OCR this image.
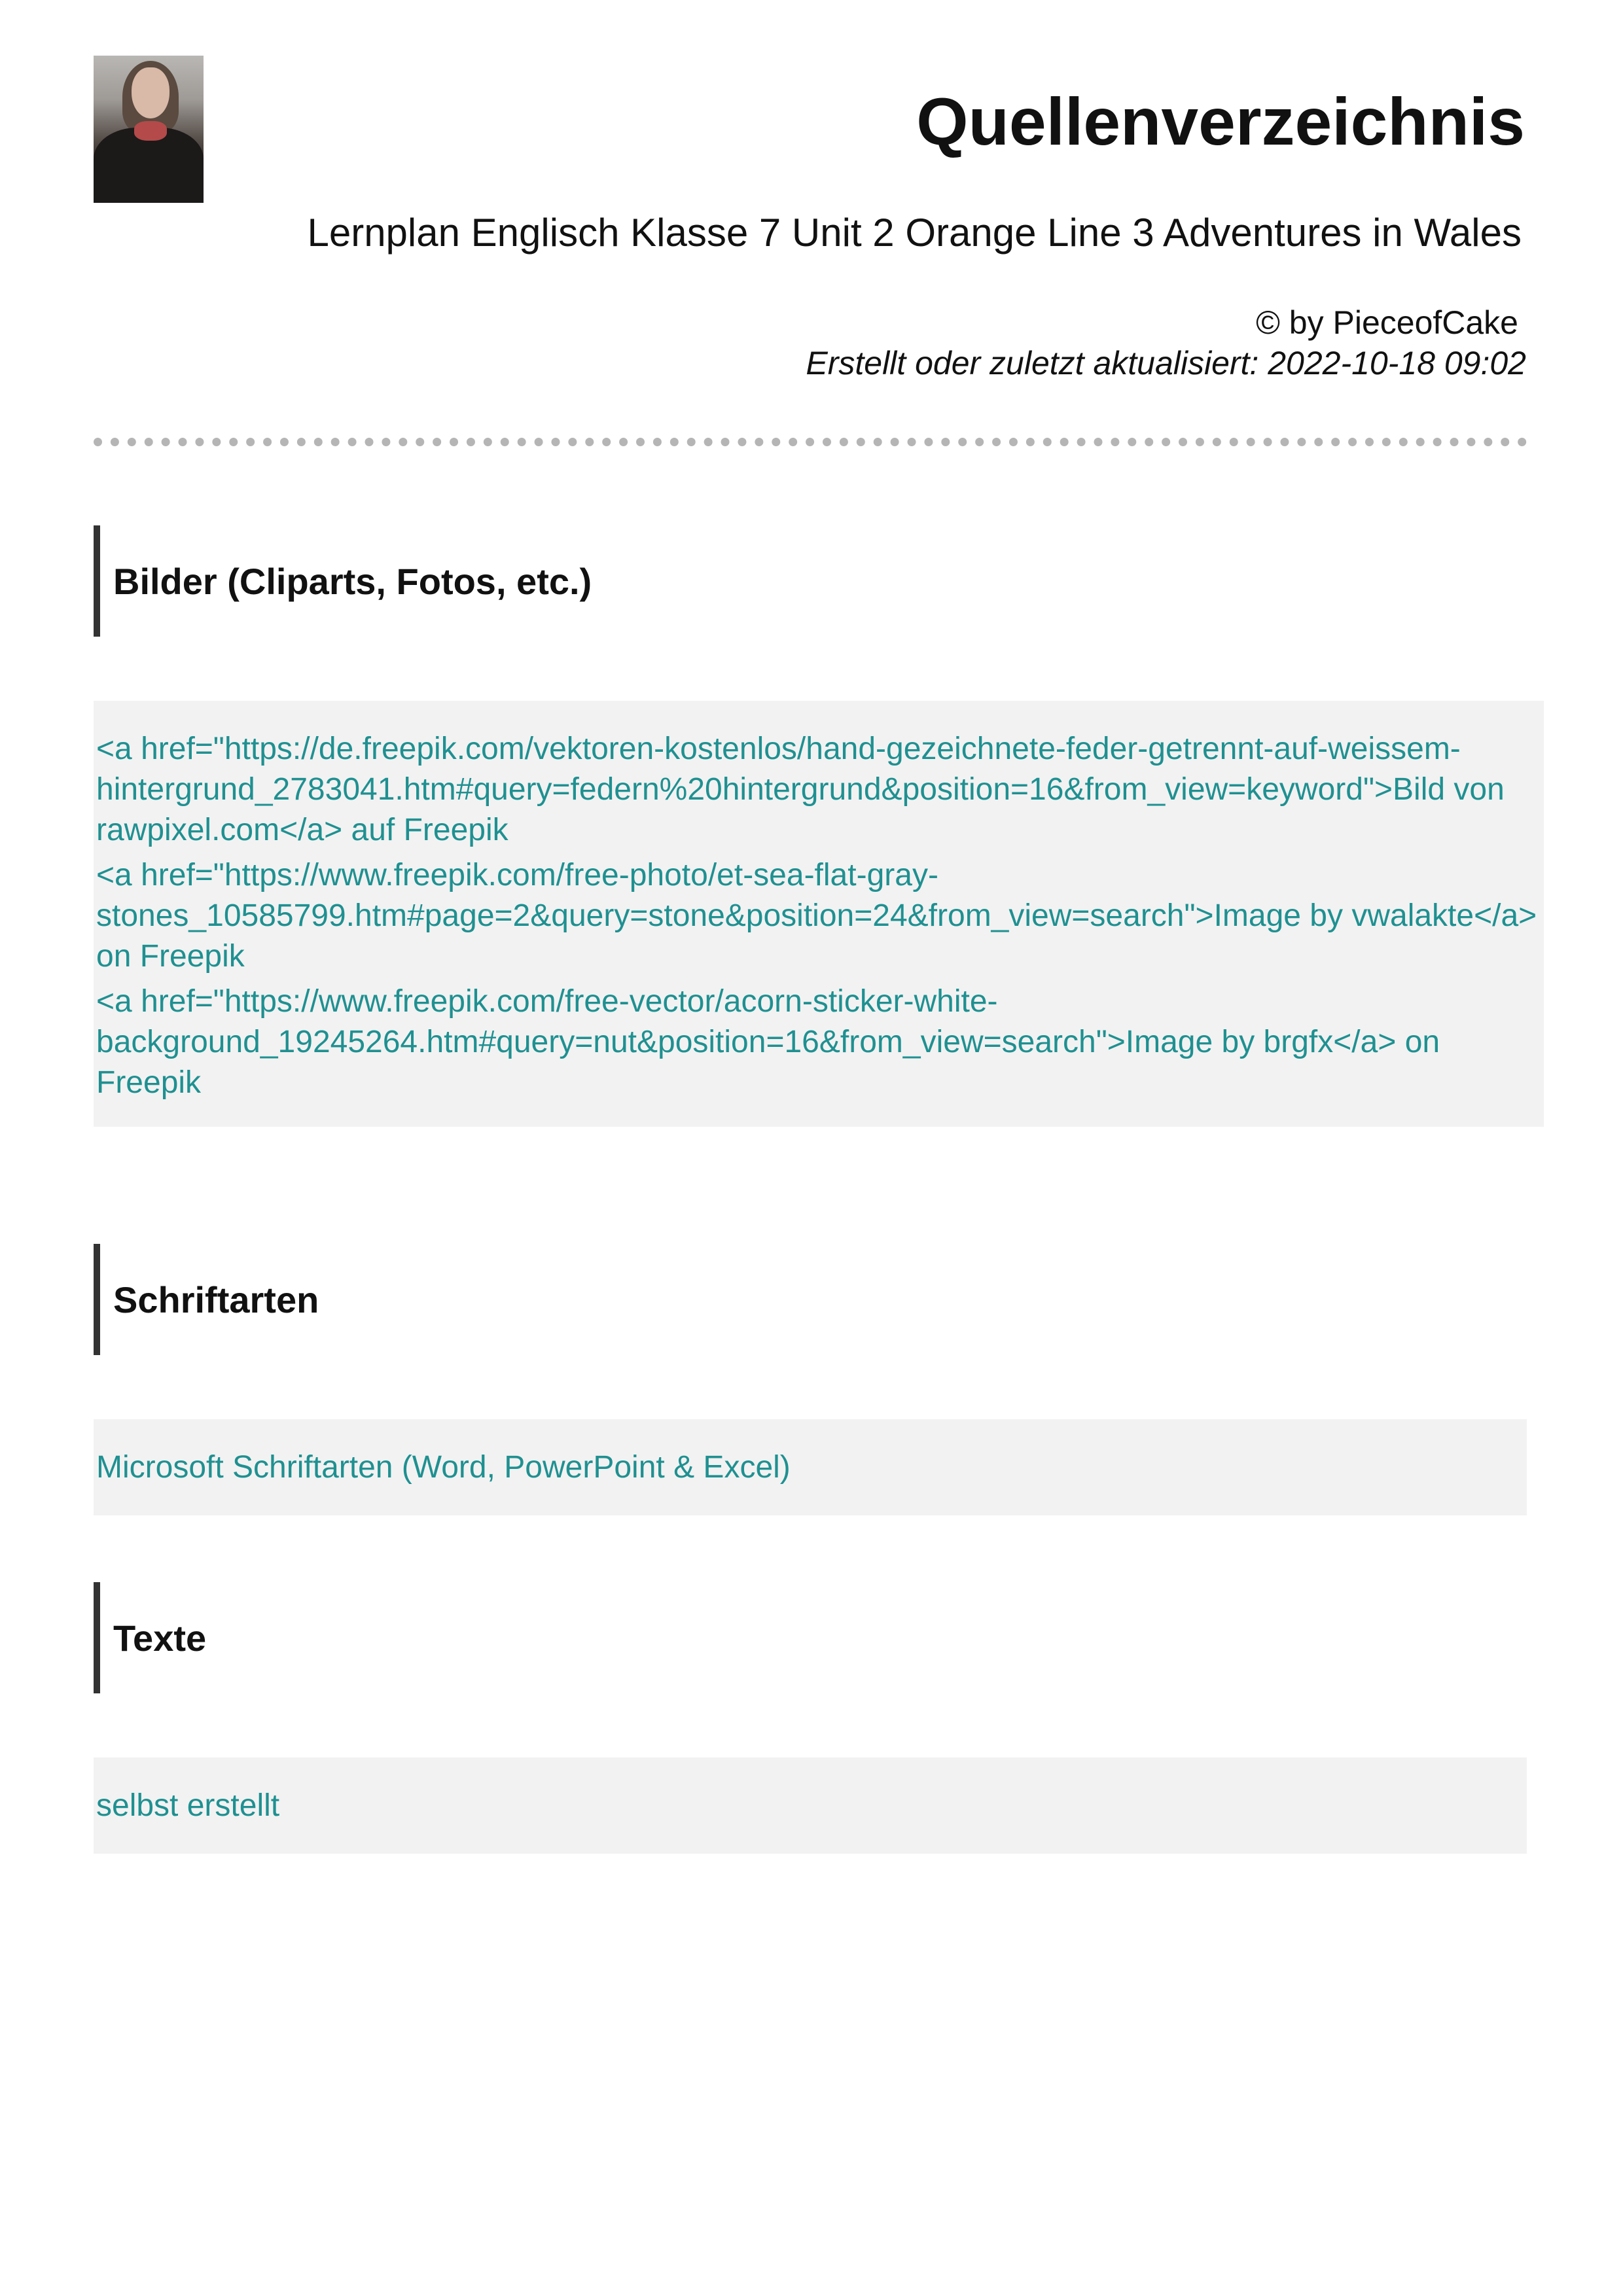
Quellenverzeichnis
Lernplan Englisch Klasse 7 Unit 2 Orange Line 3 Adventures in Wales
© by PieceofCake
Erstellt oder zuletzt aktualisiert: 2022-10-18 09:02
Bilder (Cliparts, Fotos, etc.)

<a href="https://de.freepik.com/vektoren-kostenlos/hand-gezeichnete-feder-getrennt-auf-weissem-hintergrund_2783041.htm#query=federn%20hintergrund&position=16&from_view=keyword">Bild von rawpixel.com</a> auf Freepik

<a href="https://www.freepik.com/free-photo/et-sea-flat-gray-stones_10585799.htm#page=2&query=stone&position=24&from_view=search">Image by vwalakte</a> on Freepik

<a href="https://www.freepik.com/free-vector/acorn-sticker-white-background_19245264.htm#query=nut&position=16&from_view=search">Image by brgfx</a> on Freepik

Schriftarten
Microsoft Schriftarten (Word, PowerPoint & Excel)
Texte
selbst erstellt
